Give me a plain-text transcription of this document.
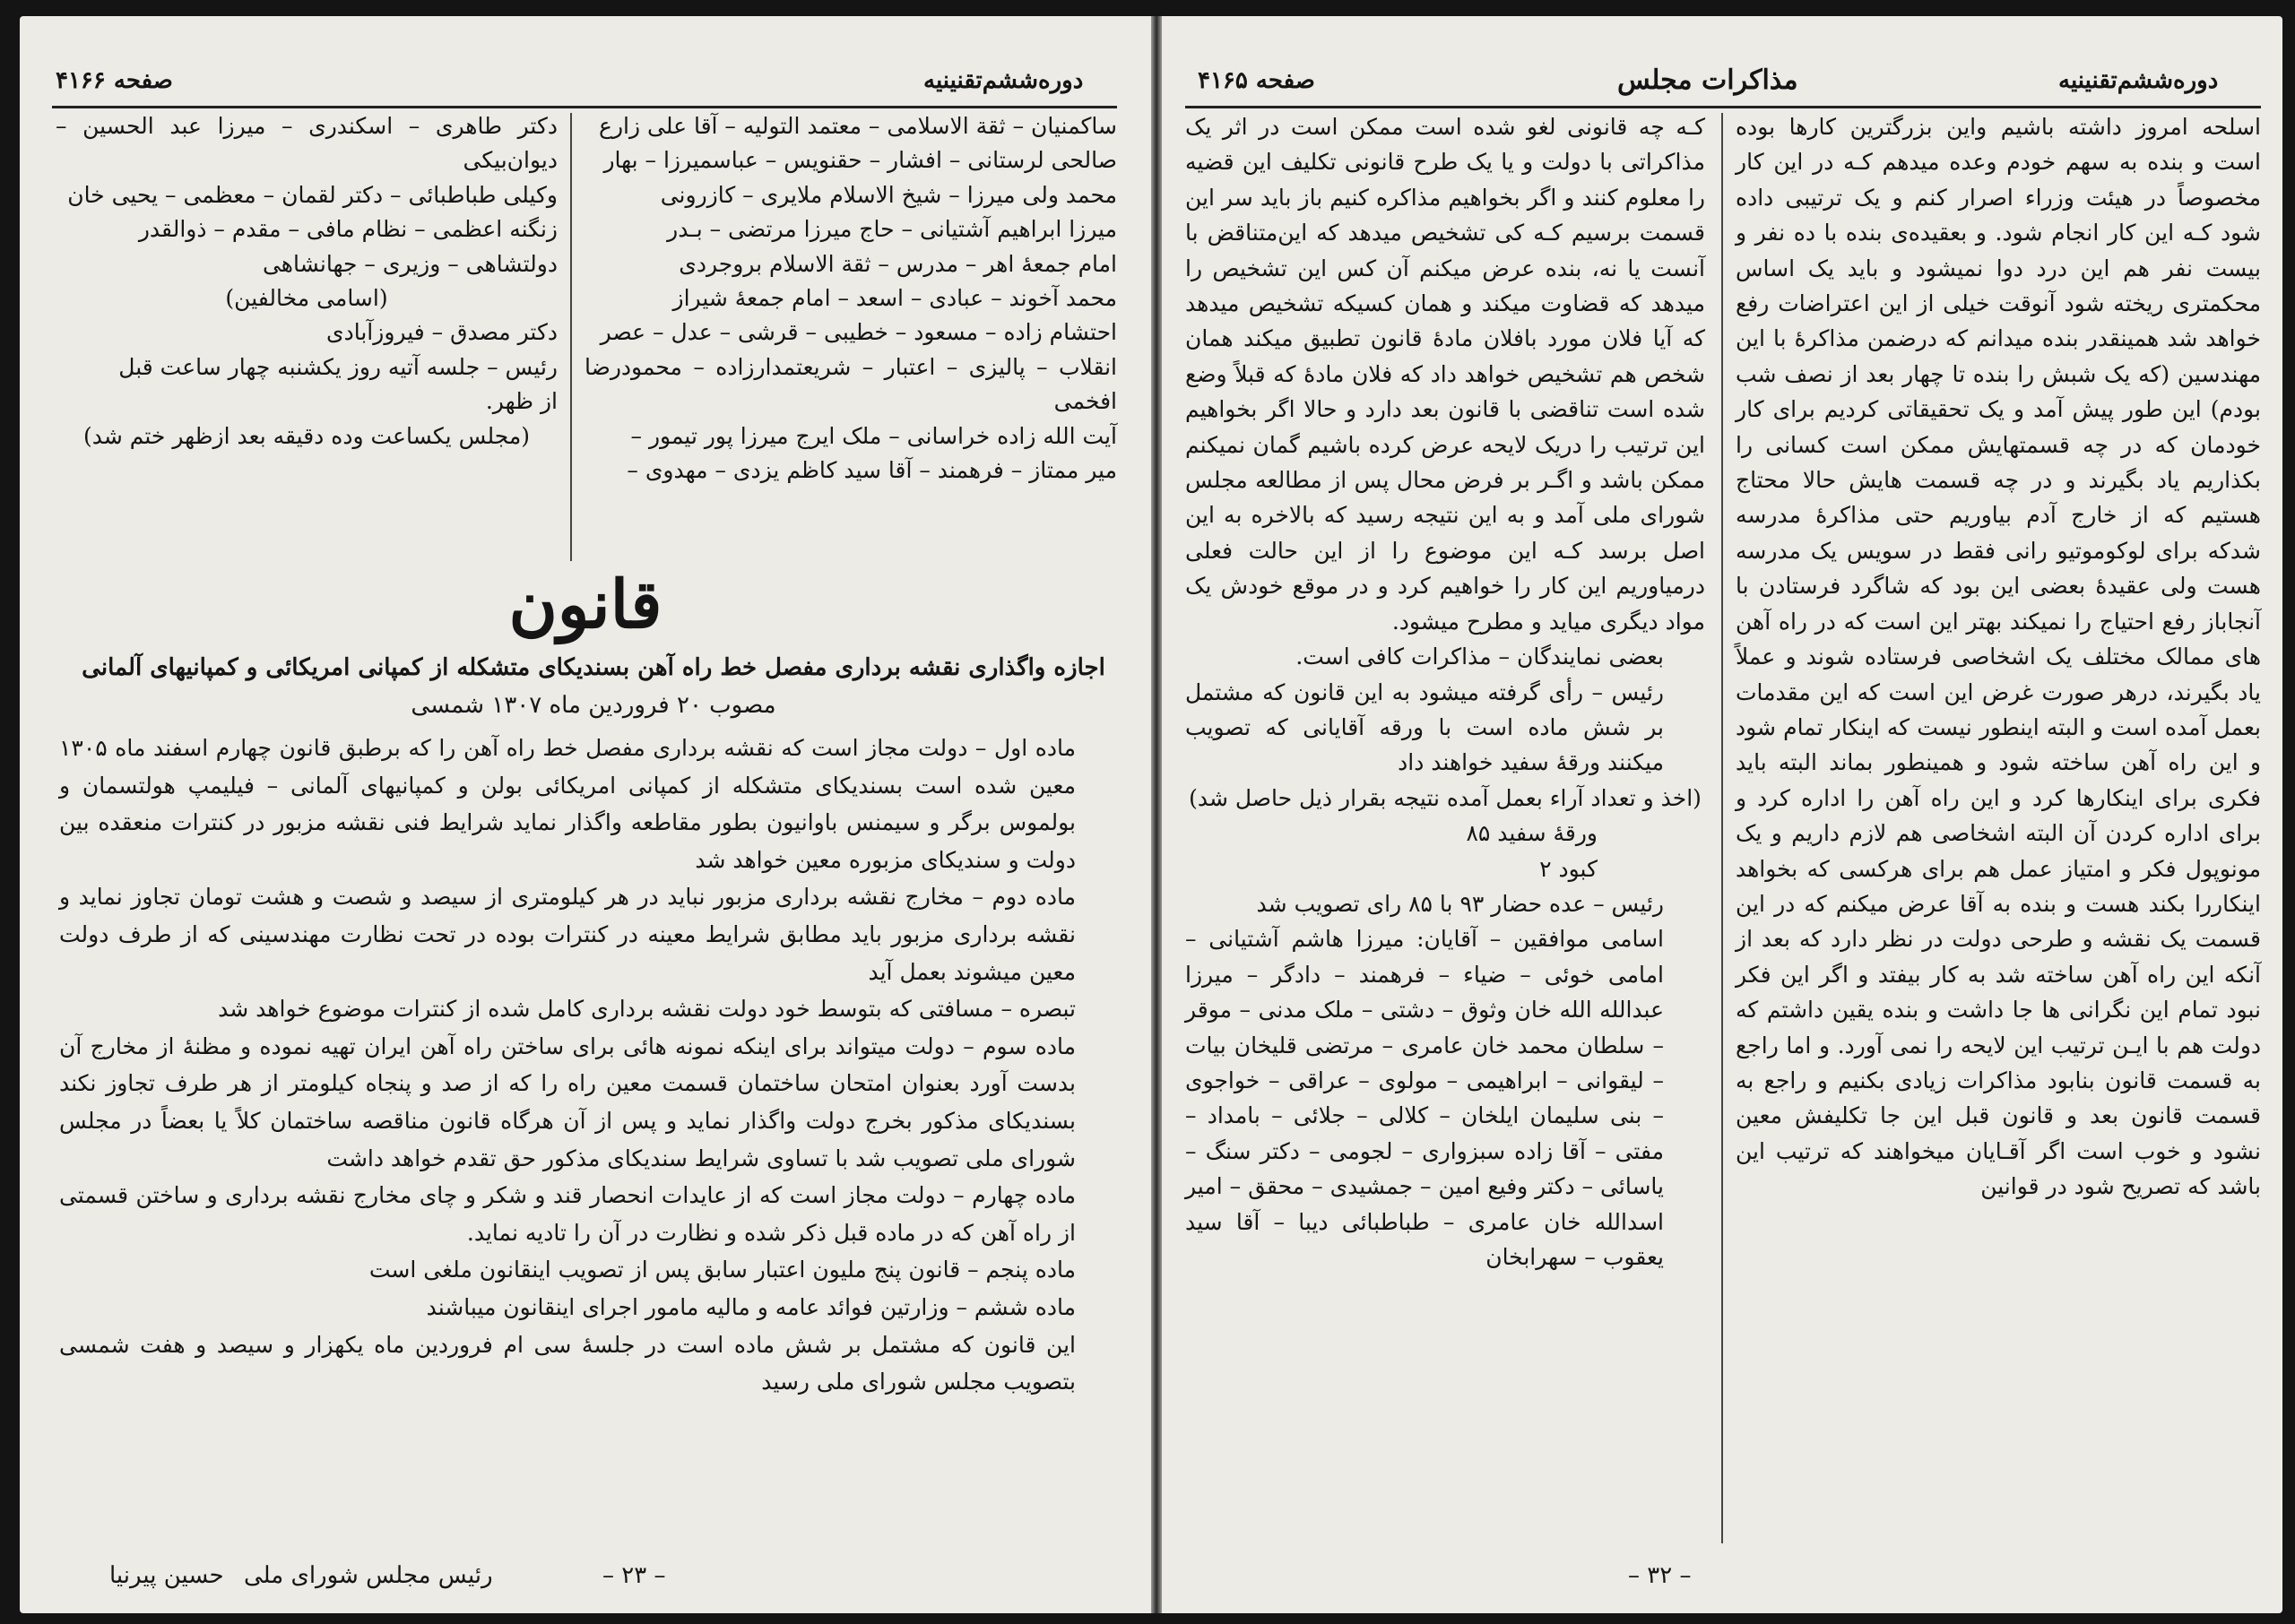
صفحه ۴۱۶۶	دوره‌ششم‌تقنینیه

ساکمنیان – ثقة الاسلامی – معتمد التولیه – آقا علی زارع

صالحی لرستانی – افشار – حقنویس – عباسمیرزا – بهار

محمد ولی میرزا – شیخ الاسلام ملایری – کازرونی

میرزا ابراهیم آشتیانی – حاج میرزا مرتضی – بـدر

امام جمعهٔ اهر – مدرس – ثقة الاسلام بروجردی

محمد آخوند – عبادی – اسعد – امام جمعهٔ شیراز

احتشام زاده – مسعود – خطیبی – قرشی – عدل – عصر

انقلاب – پالیزی – اعتبار – شریعتمدارزاده – محمودرضا افخمی

آیت الله زاده خراسانی – ملک ایرج میرزا پور تیمور –

میر ممتاز – فرهمند – آقا سید کاظم یزدی – مهدوی –

دکتر طاهری – اسکندری – میرزا عبد الحسین – دیوان‌بیکی

وکیلی طباطبائی – دکتر لقمان – معظمی – یحیی خان

زنگنه اعظمی – نظام مافی – مقدم – ذوالقدر

دولتشاهی – وزیری – جهانشاهی

(اسامی مخالفین)

دکتر مصدق – فیروزآبادی

رئیس – جلسه آتیه روز یکشنبه چهار ساعت قبل

از ظهر.

(مجلس یکساعت وده دقیقه بعد ازظهر ختم شد)

قانون
اجازه واگذاری نقشه برداری مفصل خط راه آهن بسندیکای متشکله از کمپانی امریکائی و کمپانیهای آلمانی
مصوب ۲۰ فروردین ماه ۱۳۰۷ شمسی

ماده اول – دولت مجاز است که نقشه برداری مفصل خط راه آهن را که برطبق قانون چهارم اسفند ماه ۱۳۰۵ معین شده است بسندیکای متشکله از کمپانی امریکائی بولن و کمپانیهای آلمانی – فیلیمپ هولتسمان و بولموس برگر و سیمنس باوانیون بطور مقاطعه واگذار نماید شرایط فنی نقشه مزبور در کنترات منعقده بین دولت و سندیکای مزبوره معین خواهد شد

ماده دوم – مخارج نقشه برداری مزبور نباید در هر کیلومتری از سیصد و شصت و هشت تومان تجاوز نماید و نقشه برداری مزبور باید مطابق شرایط معینه در کنترات بوده در تحت نظارت مهندسینی که از طرف دولت معین میشوند بعمل آید

تبصره – مسافتی که بتوسط خود دولت نقشه برداری کامل شده از کنترات موضوع خواهد شد

ماده سوم – دولت میتواند برای اینکه نمونه هائی برای ساختن راه آهن ایران تهیه نموده و مظنهٔ از مخارج آن بدست آورد بعنوان امتحان ساختمان قسمت معین راه را که از صد و پنجاه کیلومتر از هر طرف تجاوز نکند بسندیکای مذکور بخرج دولت واگذار نماید و پس از آن هرگاه قانون مناقصه ساختمان کلاً یا بعضاً در مجلس شورای ملی تصویب شد با تساوی شرایط سندیکای مذکور حق تقدم خواهد داشت

ماده چهارم – دولت مجاز است که از عایدات انحصار قند و شکر و چای مخارج نقشه برداری و ساختن قسمتی از راه آهن که در ماده قبل ذکر شده و نظارت در آن را تادیه نماید.

ماده پنجم – قانون پنج ملیون اعتبار سابق پس از تصویب اینقانون ملغی است

ماده ششم – وزارتین فوائد عامه و مالیه مامور اجرای اینقانون میباشند

این قانون که مشتمل بر شش ماده است در جلسهٔ سی ام فروردین ماه یکهزار و سیصد و هفت شمسی بتصویب مجلس شورای ملی رسید

رئیس مجلس شورای ملی
حسین پیرنیا	– ۲۳ –
صفحه ۴۱۶۵	مذاکرات مجلس	دوره‌ششم‌تقنینیه
اسلحه امروز داشته باشیم واین بزرگترین کارها بوده است و بنده به سهم خودم وعده میدهم کـه در این کار مخصوصاً در هیئت وزراء اصرار کنم و یک ترتیبی داده شود کـه این کار انجام شود. و بعقیده‌ی بنده با ده نفر و بیست نفر هم این درد دوا نمیشود و باید یک اساس محکمتری ریخته شود آنوقت خیلی از این اعتراضات رفع خواهد شد همینقدر بنده میدانم که درضمن مذاکرهٔ با این مهندسین (که یک شبش را بنده تا چهار بعد از نصف شب بودم) این طور پیش آمد و یک تحقیقاتی کردیم برای کار خودمان که در چه قسمتهایش ممکن است کسانی را بکذاریم یاد بگیرند و در چه قسمت هایش حالا محتاج هستیم که از خارج آدم بیاوریم حتی مذاکرهٔ مدرسه شدکه برای لوکوموتیو رانی فقط در سویس یک مدرسه هست ولی عقیدهٔ بعضی این بود که شاگرد فرستادن با آنجاباز رفع احتیاج را نمیکند بهتر این است که در راه آهن های ممالک مختلف یک اشخاصی فرستاده شوند و عملاً یاد بگیرند، درهر صورت غرض این است که این مقدمات بعمل آمده است و البته اینطور نیست که اینکار تمام شود و این راه آهن ساخته شود و همینطور بماند البته باید فکری برای اینکارها کرد و این راه آهن را اداره کرد و برای اداره کردن آن البته اشخاصی هم لازم داریم و یک مونوپول فکر و امتیاز عمل هم برای هرکسی که بخواهد اینکاررا بکند هست و بنده به آقا عرض میکنم که در این قسمت یک نقشه و طرحی دولت در نظر دارد که بعد از آنکه این راه آهن ساخته شد به کار بیفتد و اگر این فکر نبود تمام این نگرانی ها جا داشت و بنده یقین داشتم که دولت هم با ایـن ترتیب این لایحه را نمی آورد. و اما راجع به قسمت قانون بنابود مذاکرات زیادی بکنیم و راجع به قسمت قانون بعد و قانون قبل این جا تکلیفش معین نشود و خوب است اگر آقـایان میخواهند که ترتیب این باشد که تصریح شود در قوانین

کـه چه قانونی لغو شده است ممکن است در اثر یک مذاکراتی با دولت و یا یک طرح قانونی تکلیف این قضیه را معلوم کنند و اگر بخواهیم مذاکره کنیم باز باید سر این قسمت برسیم کـه کی تشخیص میدهد که این‌متناقض با آنست یا نه، بنده عرض میکنم آن کس این تشخیص را میدهد که قضاوت میکند و همان کسیکه تشخیص میدهد که آیا فلان مورد بافلان مادهٔ قانون تطبیق میکند همان شخص هم تشخیص خواهد داد که فلان مادهٔ که قبلاً وضع شده است تناقضی با قانون بعد دارد و حالا اگر بخواهیم این ترتیب را دریک لایحه عرض کرده باشیم گمان نمیکنم ممکن باشد و اگـر بر فرض محال پس از مطالعه مجلس شورای ملی آمد و به این نتیجه رسید که بالاخره به این اصل برسد کـه این موضوع را از این حالت فعلی درمیاوریم این کار را خواهیم کرد و در موقع خودش یک مواد دیگری میاید و مطرح میشود.

بعضی نمایندگان – مذاکرات کافی است.

رئیس – رأی گرفته میشود به این قانون که مشتمل بر شش ماده است با ورقه آقایانی که تصویب میکنند ورقهٔ سفید خواهند داد

(اخذ و تعداد آراء بعمل آمده نتیجه بقرار ذیل حاصل شد)

ورقهٔ سفید ۸۵

کبود ۲

رئیس – عده حضار ۹۳ با ۸۵ رای تصویب شد

اسامی موافقین – آقایان: میرزا هاشم آشتیانی – امامی خوئی – ضیاء – فرهمند – دادگر – میرزا عبدالله الله خان وثوق – دشتی – ملک مدنی – موقر – سلطان محمد خان عامری – مرتضی قلیخان بیات – لیقوانی – ابراهیمی – مولوی – عراقی – خواجوی – بنی سلیمان ایلخان – کلالی – جلائی – بامداد – مفتی – آقا زاده سبزواری – لجومی – دکتر سنگ – یاسائی – دکتر وفیع امین – جمشیدی – محقق – امیر اسدالله خان عامری – طباطبائی دیبا – آقا سید یعقوب – سهرابخان

– ۳۲ –
